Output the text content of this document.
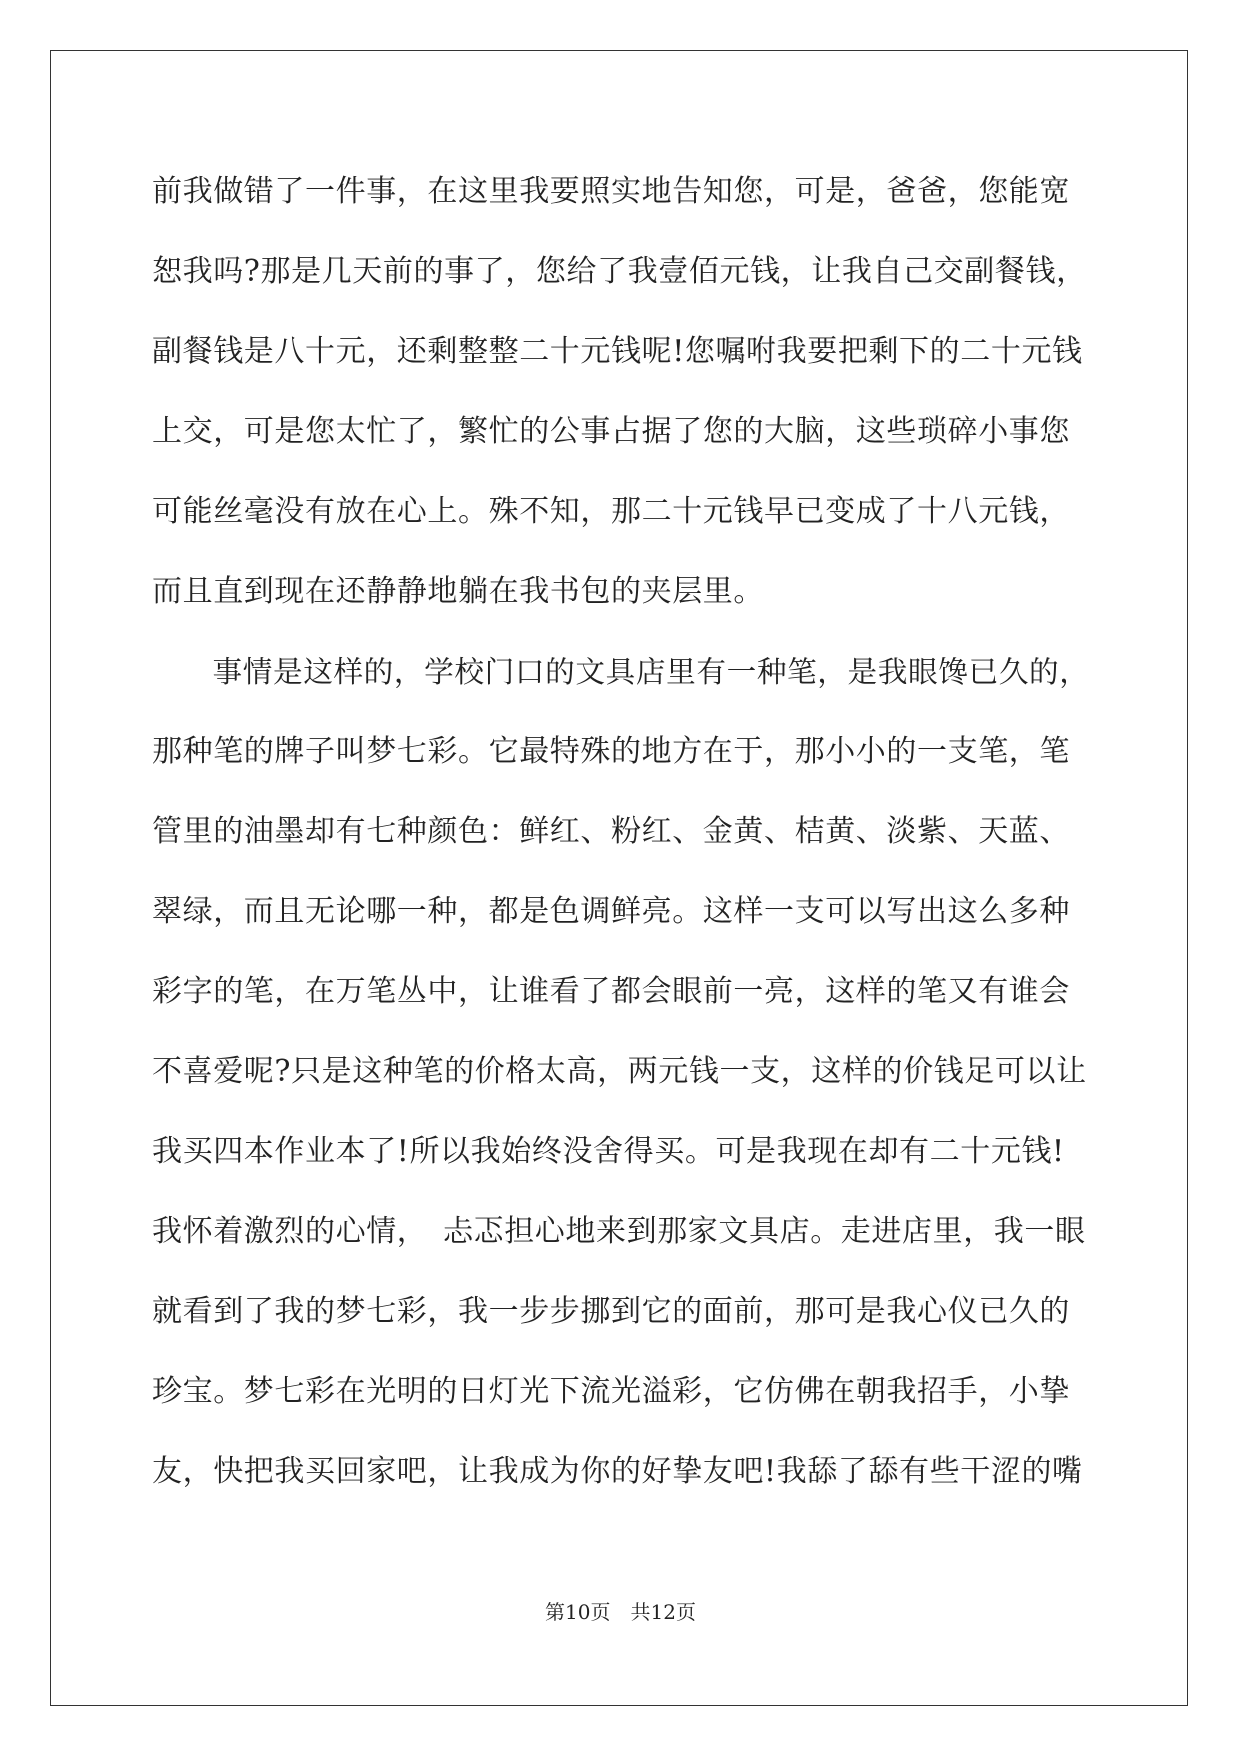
前我做错了一件事，在这里我要照实地告知您，可是，爸爸，您能宽
恕我吗?那是几天前的事了，您给了我壹佰元钱，让我自己交副餐钱，
副餐钱是八十元，还剩整整二十元钱呢!您嘱咐我要把剩下的二十元钱
上交，可是您太忙了，繁忙的公事占据了您的大脑，这些琐碎小事您
可能丝毫没有放在心上。殊不知，那二十元钱早已变成了十八元钱，
而且直到现在还静静地躺在我书包的夹层里。
　　事情是这样的，学校门口的文具店里有一种笔，是我眼馋已久的，
那种笔的牌子叫梦七彩。它最特殊的地方在于，那小小的一支笔，笔
管里的油墨却有七种颜色：鲜红、粉红、金黄、桔黄、淡紫、天蓝、
翠绿，而且无论哪一种，都是色调鲜亮。这样一支可以写出这么多种
彩字的笔，在万笔丛中，让谁看了都会眼前一亮，这样的笔又有谁会
不喜爱呢?只是这种笔的价格太高，两元钱一支，这样的价钱足可以让
我买四本作业本了!所以我始终没舍得买。可是我现在却有二十元钱!
我怀着激烈的心情，　忐忑担心地来到那家文具店。走进店里，我一眼
就看到了我的梦七彩，我一步步挪到它的面前，那可是我心仪已久的
珍宝。梦七彩在光明的日灯光下流光溢彩，它仿佛在朝我招手，小挚
友，快把我买回家吧，让我成为你的好挚友吧!我舔了舔有些干涩的嘴
第10页　共12页
